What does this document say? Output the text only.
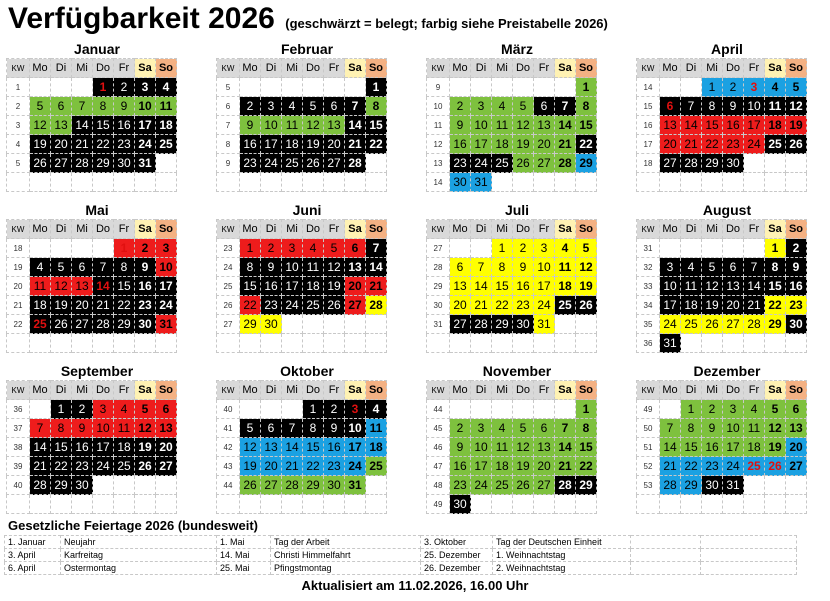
Verfügbarkeit 2026 (geschwärzt = belegt; farbig siehe Preistabelle 2026)
Januar
KW	Mo	Di	Mi	Do	Fr	Sa	So
1				1	2	3	4
2	5	6	7	8	9	10	11
3	12	13	14	15	16	17	18
4	19	20	21	22	23	24	25
5	26	27	28	29	30	31	

Februar
KW	Mo	Di	Mi	Do	Fr	Sa	So
5							1
6	2	3	4	5	6	7	8
7	9	10	11	12	13	14	15
8	16	17	18	19	20	21	22
9	23	24	25	26	27	28	

März
KW	Mo	Di	Mi	Do	Fr	Sa	So
9							1
10	2	3	4	5	6	7	8
11	9	10	11	12	13	14	15
12	16	17	18	19	20	21	22
13	23	24	25	26	27	28	29
14	30	31					
April
KW	Mo	Di	Mi	Do	Fr	Sa	So
14			1	2	3	4	5
15	6	7	8	9	10	11	12
16	13	14	15	16	17	18	19
17	20	21	22	23	24	25	26
18	27	28	29	30			

Mai
KW	Mo	Di	Mi	Do	Fr	Sa	So
18					1	2	3
19	4	5	6	7	8	9	10
20	11	12	13	14	15	16	17
21	18	19	20	21	22	23	24
22	25	26	27	28	29	30	31

Juni
KW	Mo	Di	Mi	Do	Fr	Sa	So
23	1	2	3	4	5	6	7
24	8	9	10	11	12	13	14
25	15	16	17	18	19	20	21
26	22	23	24	25	26	27	28
27	29	30					

Juli
KW	Mo	Di	Mi	Do	Fr	Sa	So
27			1	2	3	4	5
28	6	7	8	9	10	11	12
29	13	14	15	16	17	18	19
30	20	21	22	23	24	25	26
31	27	28	29	30	31		

August
KW	Mo	Di	Mi	Do	Fr	Sa	So
31						1	2
32	3	4	5	6	7	8	9
33	10	11	12	13	14	15	16
34	17	18	19	20	21	22	23
35	24	25	26	27	28	29	30
36	31						
September
KW	Mo	Di	Mi	Do	Fr	Sa	So
36		1	2	3	4	5	6
37	7	8	9	10	11	12	13
38	14	15	16	17	18	19	20
39	21	22	23	24	25	26	27
40	28	29	30				

Oktober
KW	Mo	Di	Mi	Do	Fr	Sa	So
40				1	2	3	4
41	5	6	7	8	9	10	11
42	12	13	14	15	16	17	18
43	19	20	21	22	23	24	25
44	26	27	28	29	30	31	

November
KW	Mo	Di	Mi	Do	Fr	Sa	So
44							1
45	2	3	4	5	6	7	8
46	9	10	11	12	13	14	15
47	16	17	18	19	20	21	22
48	23	24	25	26	27	28	29
49	30						
Dezember
KW	Mo	Di	Mi	Do	Fr	Sa	So
49		1	2	3	4	5	6
50	7	8	9	10	11	12	13
51	14	15	16	17	18	19	20
52	21	22	23	24	25	26	27
53	28	29	30	31			

Gesetzliche Feiertage 2026 (bundesweit)
1. Januar	Neujahr	1. Mai	Tag der Arbeit	3. Oktober	Tag der Deutschen Einheit		
3. April	Karfreitag	14. Mai	Christi Himmelfahrt	25. Dezember	1. Weihnachtstag		
6. April	Ostermontag	25. Mai	Pfingstmontag	26. Dezember	2. Weihnachtstag		
Aktualisiert am 11.02.2026, 16.00 Uhr
